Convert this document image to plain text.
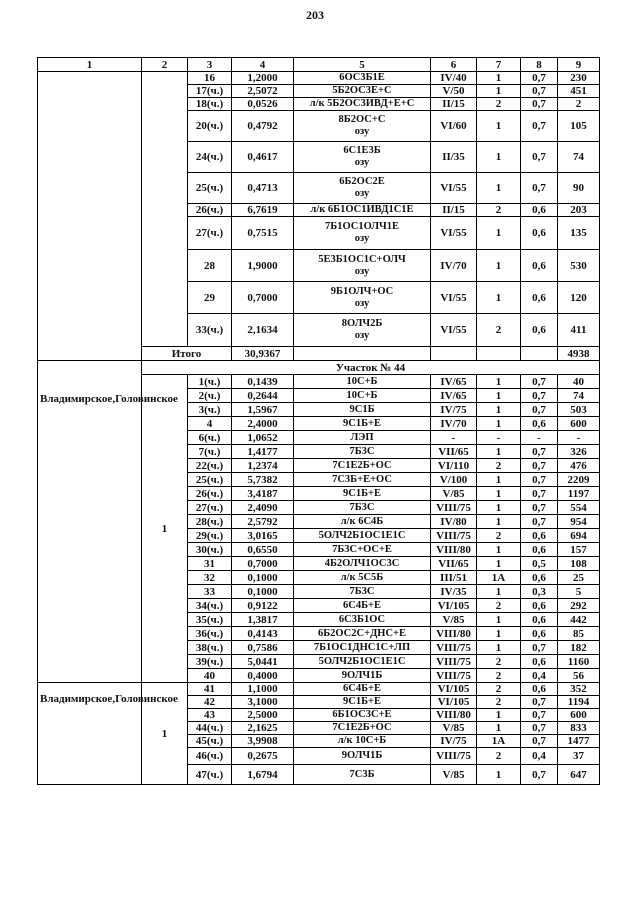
203
1	2	3	4	5	6	7	8	9
		16	1,2000	6ОС3Б1Е	IV/40	1	0,7	230
		17(ч.)	2,5072	5Б2ОС3Е+С	V/50	1	0,7	451
		18(ч.)	0,0526	л/к 5Б2ОС3ИВД+Е+С	II/15	2	0,7	2
		20(ч.)	0,4792	8Б2ОС+С
озу	VI/60	1	0,7	105
		24(ч.)	0,4617	6С1Е3Б
озу	II/35	1	0,7	74
		25(ч.)	0,4713	6Б2ОС2Е
озу	VI/55	1	0,7	90
		26(ч.)	6,7619	л/к 6Б1ОС1ИВД1С1Е	II/15	2	0,6	203
		27(ч.)	0,7515	7Б1ОС1ОЛЧ1Е
озу	VI/55	1	0,6	135
		28	1,9000	5Е3Б1ОС1С+ОЛЧ
озу	IV/70	1	0,6	530
		29	0,7000	9Б1ОЛЧ+ОС
озу	VI/55	1	0,6	120
		33(ч.)	2,1634	8ОЛЧ2Б
озу	VI/55	2	0,6	411
	Итого		30,9367					4938
Владимирское,Головинское	Участок № 44							
	1	1(ч.)	0,1439	10С+Б	IV/65	1	0,7	40
		2(ч.)	0,2644	10С+Б	IV/65	1	0,7	74
		3(ч.)	1,5967	9С1Б	IV/75	1	0,7	503
		4	2,4000	9С1Б+Е	IV/70	1	0,6	600
		6(ч.)	1,0652	ЛЭП	-	-	-	-
		7(ч.)	1,4177	7Б3С	VII/65	1	0,7	326
		22(ч.)	1,2374	7С1Е2Б+ОС	VI/110	2	0,7	476
		25(ч.)	5,7382	7С3Б+Е+ОС	V/100	1	0,7	2209
		26(ч.)	3,4187	9С1Б+Е	V/85	1	0,7	1197
		27(ч.)	2,4090	7Б3С	VIII/75	1	0,7	554
		28(ч.)	2,5792	л/к 6С4Б	IV/80	1	0,7	954
		29(ч.)	3,0165	5ОЛЧ2Б1ОС1Е1С	VIII/75	2	0,6	694
		30(ч.)	0,6550	7Б3С+ОС+Е	VIII/80	1	0,6	157
		31	0,7000	4Б2ОЛЧ1ОС3С	VII/65	1	0,5	108
		32	0,1000	л/к 5С5Б	III/51	1А	0,6	25
		33	0,1000	7Б3С	IV/35	1	0,3	5
		34(ч.)	0,9122	6С4Б+Е	VI/105	2	0,6	292
		35(ч.)	1,3817	6С3Б1ОС	V/85	1	0,6	442
		36(ч.)	0,4143	6Б2ОС2С+ДНС+Е	VIII/80	1	0,6	85
		38(ч.)	0,7586	7Б1ОС1ДНС1С+ЛП	VIII/75	1	0,7	182
		39(ч.)	5,0441	5ОЛЧ2Б1ОС1Е1С	VIII/75	2	0,6	1160
		40	0,4000	9ОЛЧ1Б	VIII/75	2	0,4	56
Владимирское,Головинское	1	41	1,1000	6С4Б+Е	VI/105	2	0,6	352
		42	3,1000	9С1Б+Е	VI/105	2	0,7	1194
		43	2,5000	6Б1ОС3С+Е	VIII/80	1	0,7	600
		44(ч.)	2,1625	7С1Е2Б+ОС	V/85	1	0,7	833
		45(ч.)	3,9908	л/к 10С+Б	IV/75	1А	0,7	1477
		46(ч.)	0,2675	9ОЛЧ1Б	VIII/75	2	0,4	37
		47(ч.)	1,6794	7С3Б	V/85	1	0,7	647
